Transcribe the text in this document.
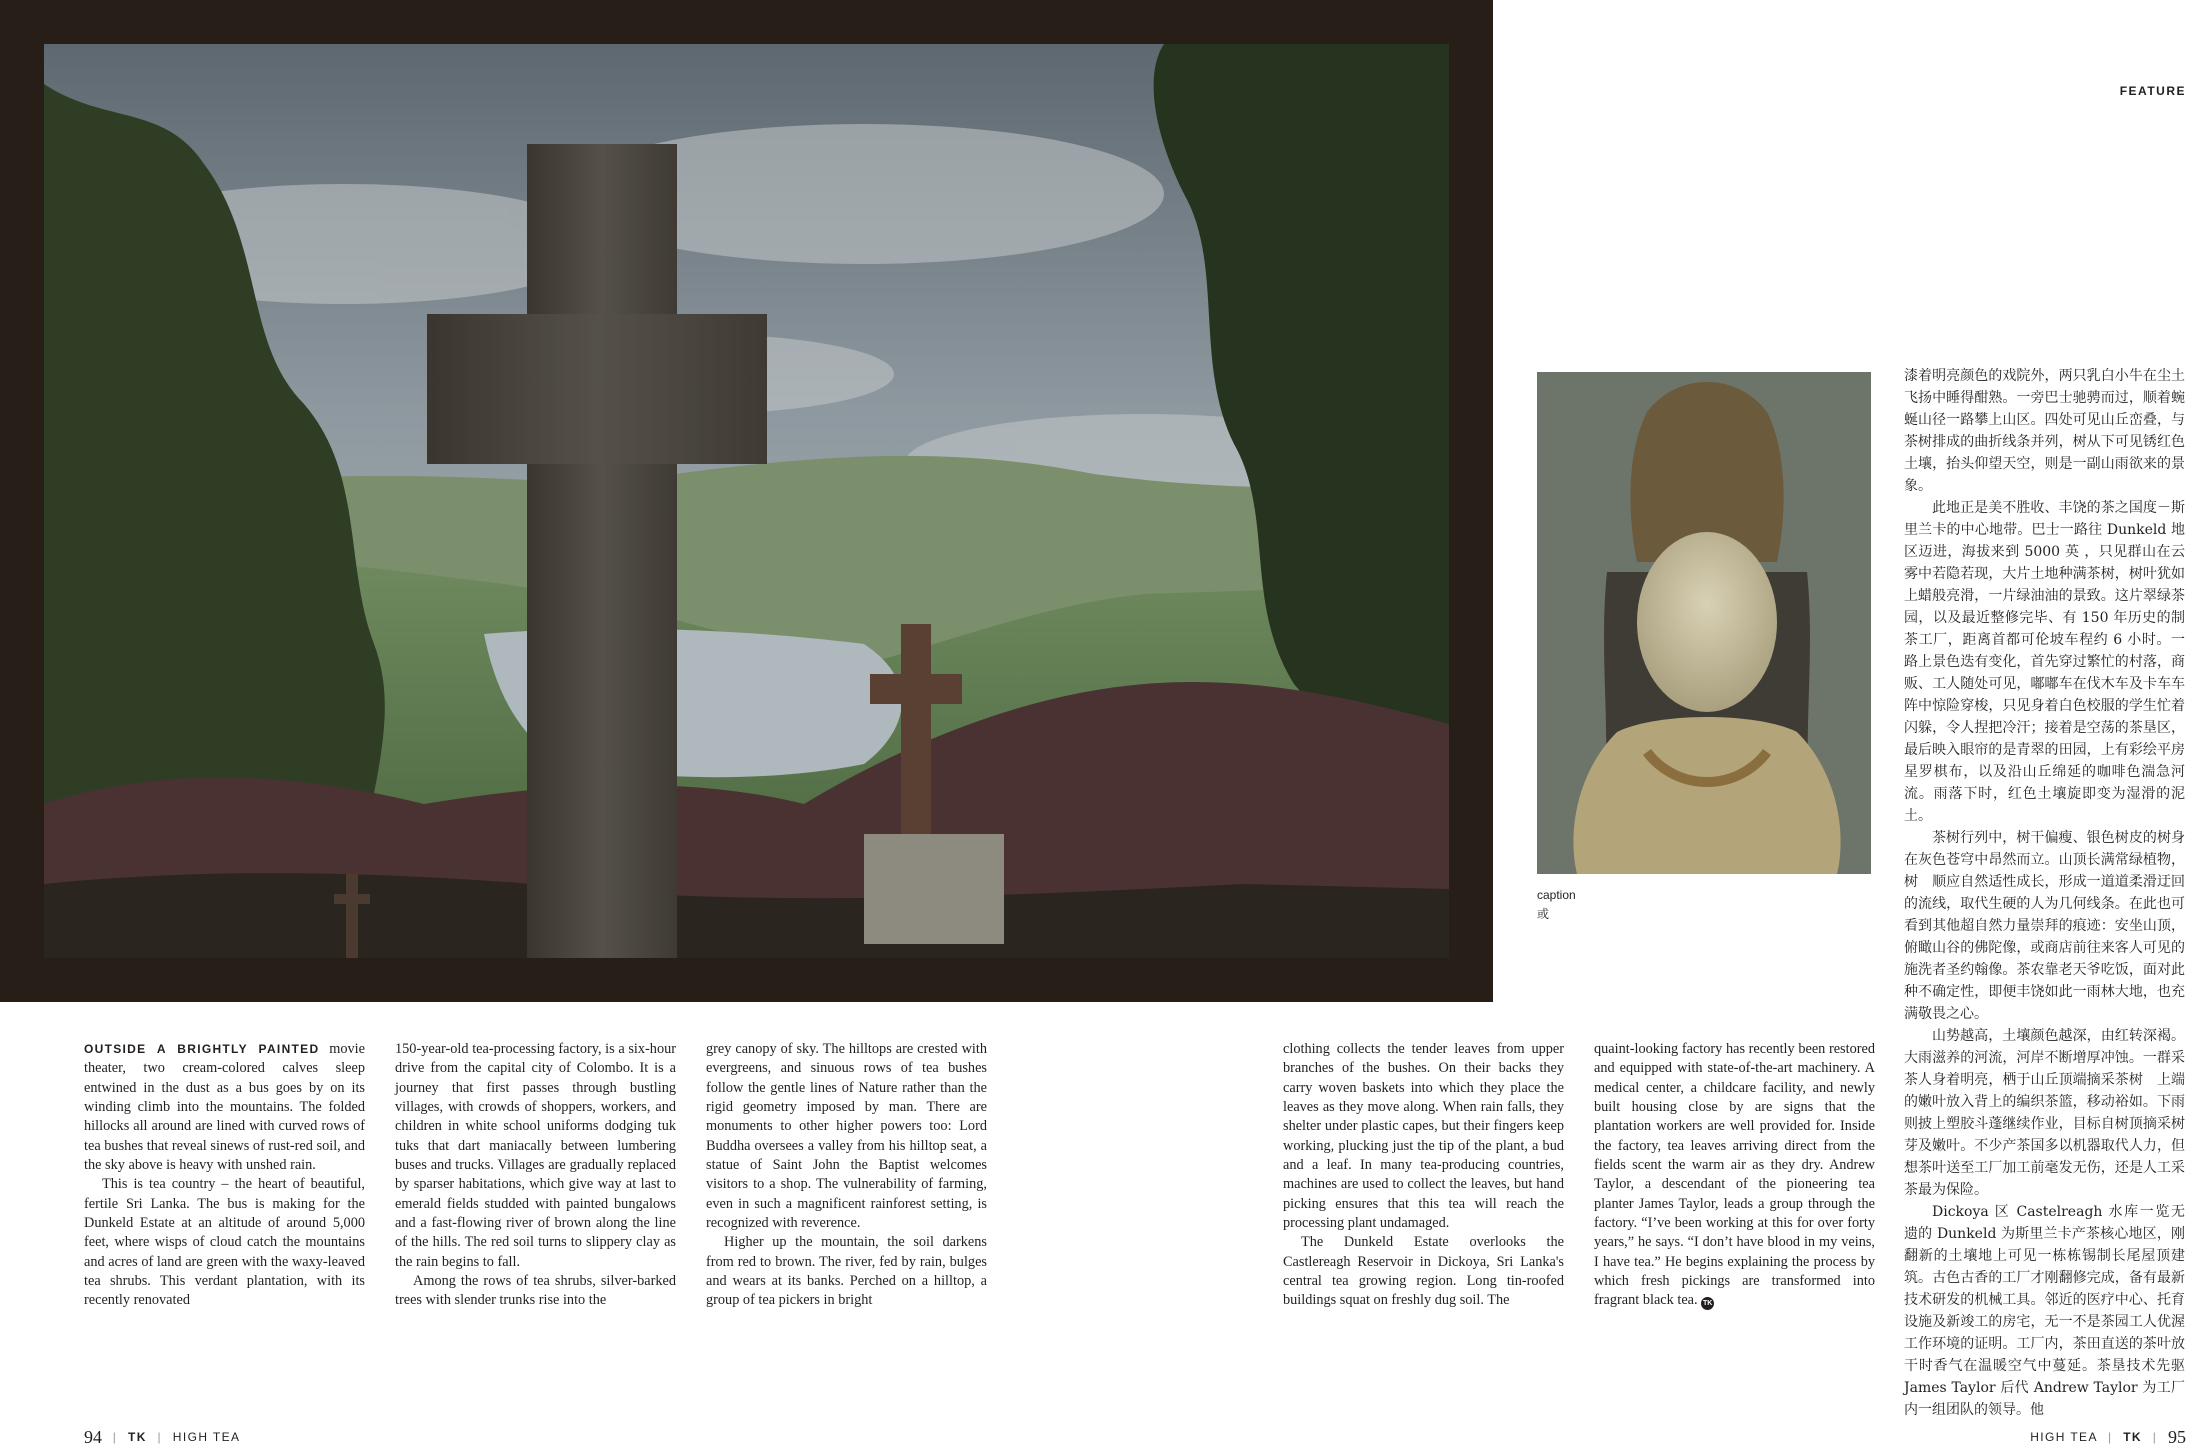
FEATURE
caption
或

OUTSIDE A BRIGHTLY PAINTED movie theater, two cream-colored calves sleep entwined in the dust as a bus goes by on its winding climb into the mountains. The folded hillocks all around are lined with curved rows of tea bushes that reveal sinews of rust-red soil, and the sky above is heavy with unshed rain.

This is tea country – the heart of beautiful, fertile Sri Lanka. The bus is making for the Dunkeld Estate at an altitude of around 5,000 feet, where wisps of cloud catch the mountains and acres of land are green with the waxy-leaved tea shrubs. This verdant plantation, with its recently renovated

150-year-old tea-processing factory, is a six-hour drive from the capital city of Colombo. It is a journey that first passes through bustling villages, with crowds of shoppers, workers, and children in white school uniforms dodging tuk tuks that dart maniacally between lumbering buses and trucks. Villages are gradually replaced by sparser habitations, which give way at last to emerald fields studded with painted bungalows and a fast-flowing river of brown along the line of the hills. The red soil turns to slippery clay as the rain begins to fall.

Among the rows of tea shrubs, silver-barked trees with slender trunks rise into the

grey canopy of sky. The hilltops are crested with evergreens, and sinuous rows of tea bushes follow the gentle lines of Nature rather than the rigid geometry imposed by man. There are monuments to other higher powers too: Lord Buddha oversees a valley from his hilltop seat, a statue of Saint John the Baptist welcomes visitors to a shop. The vulnerability of farming, even in such a magnificent rainforest setting, is recognized with reverence.

Higher up the mountain, the soil darkens from red to brown. The river, fed by rain, bulges and wears at its banks. Perched on a hilltop, a group of tea pickers in bright

clothing collects the tender leaves from upper branches of the bushes. On their backs they carry woven baskets into which they place the leaves as they move along. When rain falls, they shelter under plastic capes, but their fingers keep working, plucking just the tip of the plant, a bud and a leaf. In many tea-producing countries, machines are used to collect the leaves, but hand picking ensures that this tea will reach the processing plant undamaged.

The Dunkeld Estate overlooks the Castlereagh Reservoir in Dickoya, Sri Lanka's central tea growing region. Long tin-roofed buildings squat on freshly dug soil. The

quaint-looking factory has recently been restored and equipped with state-of-the-art machinery. A medical center, a childcare facility, and newly built housing close by are signs that the plantation workers are well provided for. Inside the factory, tea leaves arriving direct from the fields scent the warm air as they dry. Andrew Taylor, a descendant of the pioneering tea planter James Taylor, leads a group through the factory. “I’ve been working at this for over forty years,” he says. “I don’t have blood in my veins, I have tea.” He begins explaining the process by which fresh pickings are transformed into fragrant black tea. TK

漆着明亮颜色的戏院外，两只乳白小牛在尘土飞扬中睡得酣熟。一旁巴士驰骋而过，顺着蜿蜒山径一路攀上山区。四处可见山丘峦叠，与茶树排成的曲折线条并列，树从下可见锈红色土壤，抬头仰望天空，则是一副山雨欲来的景象。

此地正是美不胜收、丰饶的茶之国度－斯里兰卡的中心地带。巴士一路往 Dunkeld 地区迈进，海拔来到 5000 英 ，只见群山在云雾中若隐若现，大片土地种满茶树，树叶犹如上蜡般亮滑，一片绿油油的景致。这片翠绿茶园，以及最近整修完毕、有 150 年历史的制茶工厂，距离首都可伦坡车程约 6 小时。一路上景色迭有变化，首先穿过繁忙的村落，商贩、工人随处可见，嘟嘟车在伐木车及卡车车阵中惊险穿梭，只见身着白色校服的学生忙着闪躲，令人捏把冷汗；接着是空荡的茶垦区，最后映入眼帘的是青翠的田园，上有彩绘平房星罗棋布，以及沿山丘绵延的咖啡色湍急河流。雨落下时，红色土壤旋即变为湿滑的泥土。

茶树行列中，树干偏瘦、银色树皮的树身在灰色苍穹中昂然而立。山顶长满常绿植物，树　顺应自然适性成长，形成一道道柔滑迂回的流线，取代生硬的人为几何线条。在此也可看到其他超自然力量崇拜的痕迹：安坐山顶，俯瞰山谷的佛陀像，或商店前往来客人可见的施洗者圣约翰像。茶农靠老天爷吃饭，面对此种不确定性，即便丰饶如此一雨林大地，也充满敬畏之心。

山势越高，土壤颜色越深，由红转深褐。大雨滋养的河流，河岸不断增厚冲蚀。一群采茶人身着明亮，栖于山丘顶端摘采茶树　上端的嫩叶放入背上的编织茶篮，移动裕如。下雨则披上塑胶斗蓬继续作业，目标自树顶摘采树芽及嫩叶。不少产茶国多以机器取代人力，但想茶叶送至工厂加工前毫发无伤，还是人工采茶最为保险。

Dickoya 区 Castelreagh 水库一览无遗的 Dunkeld 为斯里兰卡产茶核心地区，刚翻新的土壤地上可见一栋栋锡制长尾屋顶建筑。古色古香的工厂才刚翻修完成，备有最新技术研发的机械工具。邻近的医疗中心、托育设施及新竣工的房宅，无一不是茶园工人优渥工作环境的证明。工厂内，茶田直送的茶叶放干时香气在温暖空气中蔓延。茶垦技术先驱 James Taylor 后代 Andrew Taylor 为工厂内一组团队的领导。他

94 | TK | HIGH TEA	HIGH TEA | TK | 95
